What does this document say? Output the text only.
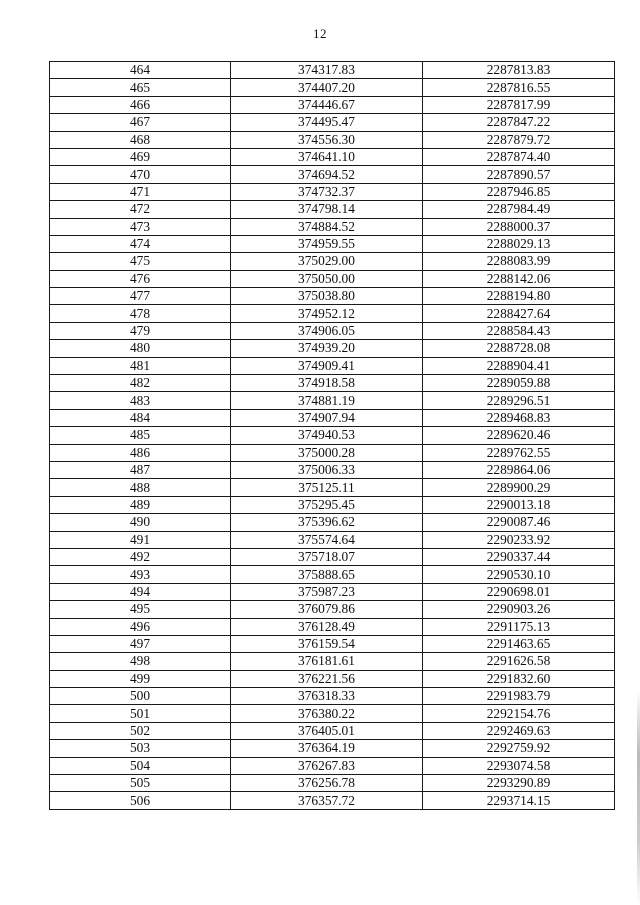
12
464	374317.83	2287813.83
465	374407.20	2287816.55
466	374446.67	2287817.99
467	374495.47	2287847.22
468	374556.30	2287879.72
469	374641.10	2287874.40
470	374694.52	2287890.57
471	374732.37	2287946.85
472	374798.14	2287984.49
473	374884.52	2288000.37
474	374959.55	2288029.13
475	375029.00	2288083.99
476	375050.00	2288142.06
477	375038.80	2288194.80
478	374952.12	2288427.64
479	374906.05	2288584.43
480	374939.20	2288728.08
481	374909.41	2288904.41
482	374918.58	2289059.88
483	374881.19	2289296.51
484	374907.94	2289468.83
485	374940.53	2289620.46
486	375000.28	2289762.55
487	375006.33	2289864.06
488	375125.11	2289900.29
489	375295.45	2290013.18
490	375396.62	2290087.46
491	375574.64	2290233.92
492	375718.07	2290337.44
493	375888.65	2290530.10
494	375987.23	2290698.01
495	376079.86	2290903.26
496	376128.49	2291175.13
497	376159.54	2291463.65
498	376181.61	2291626.58
499	376221.56	2291832.60
500	376318.33	2291983.79
501	376380.22	2292154.76
502	376405.01	2292469.63
503	376364.19	2292759.92
504	376267.83	2293074.58
505	376256.78	2293290.89
506	376357.72	2293714.15
